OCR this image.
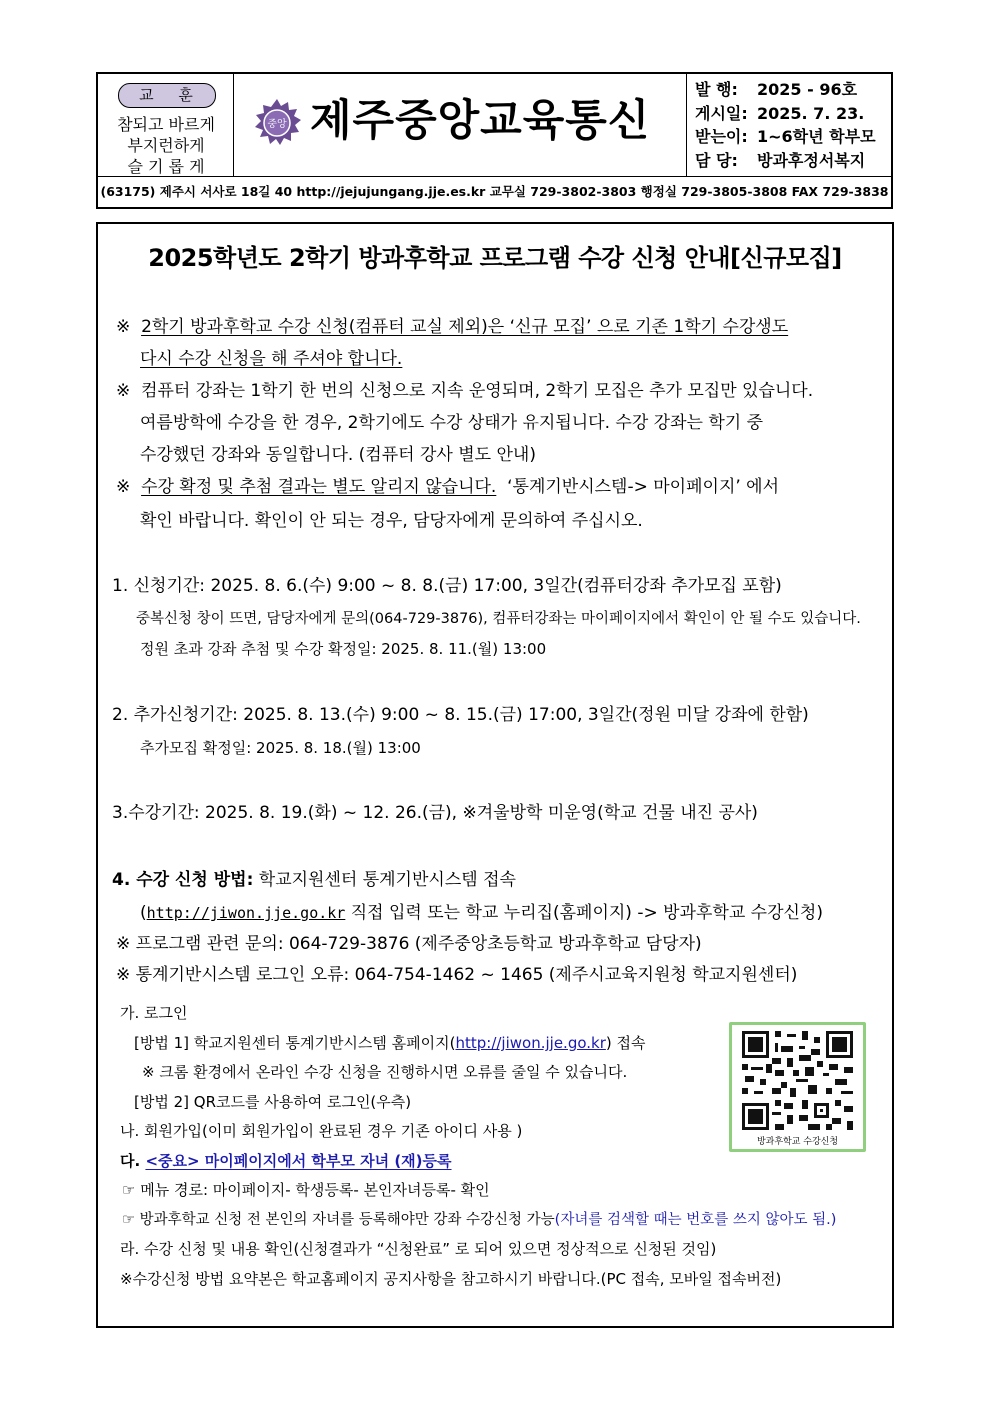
교 훈
참되고 바르게
부지런하게
슬 기 롭 게
중앙 제주중앙교육통신
발 행: 2025 - 96호
게시일: 2025. 7. 23.
받는이: 1~6학년 학부모
담 당: 방과후정서복지
(63175) 제주시 서사로 18길 40 http://jejujungang.jje.es.kr 교무실 729-3802-3803 행정실 729-3805-3808 FAX 729-3838
2025학년도 2학기 방과후학교 프로그램 수강 신청 안내[신규모집]
※ 2학기 방과후학교 수강 신청(컴퓨터 교실 제외)은 ‘신규 모집’ 으로 기존 1학기 수강생도
다시 수강 신청을 해 주셔야 합니다.
※ 컴퓨터 강좌는 1학기 한 번의 신청으로 지속 운영되며, 2학기 모집은 추가 모집만 있습니다.
여름방학에 수강을 한 경우, 2학기에도 수강 상태가 유지됩니다. 수강 강좌는 학기 중
수강했던 강좌와 동일합니다. (컴퓨터 강사 별도 안내)
※ 수강 확정 및 추첨 결과는 별도 알리지 않습니다. ‘통계기반시스템-> 마이페이지’ 에서
확인 바랍니다. 확인이 안 되는 경우, 담당자에게 문의하여 주십시오.
1. 신청기간: 2025. 8. 6.(수) 9:00 ~ 8. 8.(금) 17:00, 3일간(컴퓨터강좌 추가모집 포함)
중복신청 창이 뜨면, 담당자에게 문의(064-729-3876), 컴퓨터강좌는 마이페이지에서 확인이 안 될 수도 있습니다.
정원 초과 강좌 추첨 및 수강 확정일: 2025. 8. 11.(월) 13:00
2. 추가신청기간: 2025. 8. 13.(수) 9:00 ~ 8. 15.(금) 17:00, 3일간(정원 미달 강좌에 한함)
추가모집 확정일: 2025. 8. 18.(월) 13:00
3.수강기간: 2025. 8. 19.(화) ~ 12. 26.(금), ※겨울방학 미운영(학교 건물 내진 공사)
4. 수강 신청 방법: 학교지원센터 통계기반시스템 접속
(http://jiwon.jje.go.kr 직접 입력 또는 학교 누리집(홈페이지) -> 방과후학교 수강신청)
※ 프로그램 관련 문의: 064-729-3876 (제주중앙초등학교 방과후학교 담당자)
※ 통계기반시스템 로그인 오류: 064-754-1462 ~ 1465 (제주시교육지원청 학교지원센터)
가. 로그인
[방법 1] 학교지원센터 통계기반시스템 홈페이지(http://jiwon.jje.go.kr) 접속
※ 크롬 환경에서 온라인 수강 신청을 진행하시면 오류를 줄일 수 있습니다.
[방법 2] QR코드를 사용하여 로그인(우측)
나. 회원가입(이미 회원가입이 완료된 경우 기존 아이디 사용 )
다. <중요> 마이페이지에서 학부모 자녀 (재)등록
☞ 메뉴 경로: 마이페이지- 학생등록- 본인자녀등록- 확인
☞ 방과후학교 신청 전 본인의 자녀를 등록해야만 강좌 수강신청 가능(자녀를 검색할 때는 번호를 쓰지 않아도 됨.)
라. 수강 신청 및 내용 확인(신청결과가 “신청완료” 로 되어 있으면 정상적으로 신청된 것임)
※수강신청 방법 요약본은 학교홈페이지 공지사항을 참고하시기 바랍니다.(PC 접속, 모바일 접속버전)
방과후학교 수강신청
